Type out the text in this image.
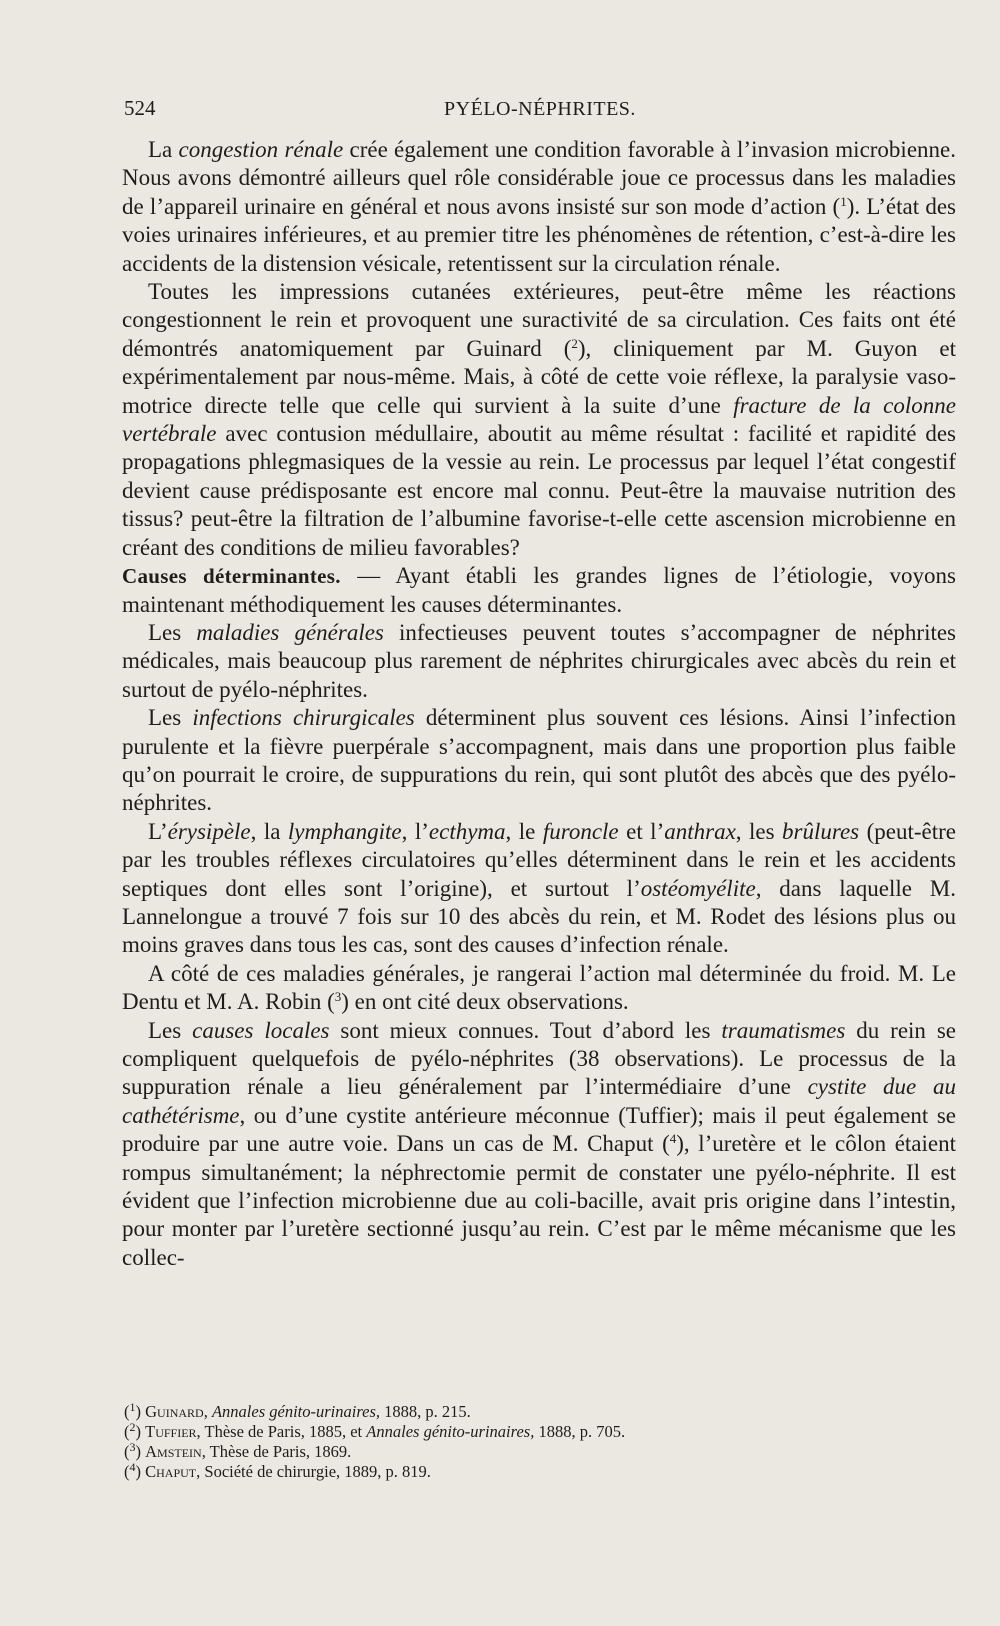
524	PYÉLO-NÉPHRITES.

La congestion rénale crée également une condition favorable à l’invasion microbienne. Nous avons démontré ailleurs quel rôle considérable joue ce processus dans les maladies de l’appareil urinaire en général et nous avons insisté sur son mode d’action ($^1$). L’état des voies urinaires inférieures, et au premier titre les phénomènes de rétention, c’est-à-dire les accidents de la distension vésicale, retentissent sur la circulation rénale.

Toutes les impressions cutanées extérieures, peut-être même les réactions congestionnent le rein et provoquent une suractivité de sa circulation. Ces faits ont été démontrés anatomiquement par Guinard ($^2$), cliniquement par M. Guyon et expérimentalement par nous-même. Mais, à côté de cette voie réflexe, la paralysie vaso-motrice directe telle que celle qui survient à la suite d’une fracture de la colonne vertébrale avec contusion médullaire, aboutit au même résultat : facilité et rapidité des propagations phlegmasiques de la vessie au rein. Le processus par lequel l’état congestif devient cause prédisposante est encore mal connu. Peut-être la mauvaise nutrition des tissus? peut-être la filtration de l’albumine favorise-t-elle cette ascension microbienne en créant des conditions de milieu favorables?

Causes déterminantes. — Ayant établi les grandes lignes de l’étiologie, voyons maintenant méthodiquement les causes déterminantes.

Les maladies générales infectieuses peuvent toutes s’accompagner de néphrites médicales, mais beaucoup plus rarement de néphrites chirurgicales avec abcès du rein et surtout de pyélo-néphrites.

Les infections chirurgicales déterminent plus souvent ces lésions. Ainsi l’infection purulente et la fièvre puerpérale s’accompagnent, mais dans une proportion plus faible qu’on pourrait le croire, de suppurations du rein, qui sont plutôt des abcès que des pyélo-néphrites.

L’érysipèle, la lymphangite, l’ecthyma, le furoncle et l’anthrax, les brûlures (peut-être par les troubles réflexes circulatoires qu’elles déterminent dans le rein et les accidents septiques dont elles sont l’origine), et surtout l’ostéomyélite, dans laquelle M. Lannelongue a trouvé 7 fois sur 10 des abcès du rein, et M. Rodet des lésions plus ou moins graves dans tous les cas, sont des causes d’infection rénale.

A côté de ces maladies générales, je rangerai l’action mal déterminée du froid. M. Le Dentu et M. A. Robin ($^3$) en ont cité deux observations.

Les causes locales sont mieux connues. Tout d’abord les traumatismes du rein se compliquent quelquefois de pyélo-néphrites (38 observations). Le processus de la suppuration rénale a lieu généralement par l’intermédiaire d’une cystite due au cathétérisme, ou d’une cystite antérieure méconnue (Tuffier); mais il peut également se produire par une autre voie. Dans un cas de M. Chaput ($^4$), l’uretère et le côlon étaient rompus simultanément; la néphrectomie permit de constater une pyélo-néphrite. Il est évident que l’infection microbienne due au coli-bacille, avait pris origine dans l’intestin, pour monter par l’uretère sectionné jusqu’au rein. C’est par le même mécanisme que les collec-

($^1$) Guinard, Annales génito-urinaires, 1888, p. 215.
($^2$) Tuffier, Thèse de Paris, 1885, et Annales génito-urinaires, 1888, p. 705.
($^3$) Amstein, Thèse de Paris, 1869.
($^4$) Chaput, Société de chirurgie, 1889, p. 819.
